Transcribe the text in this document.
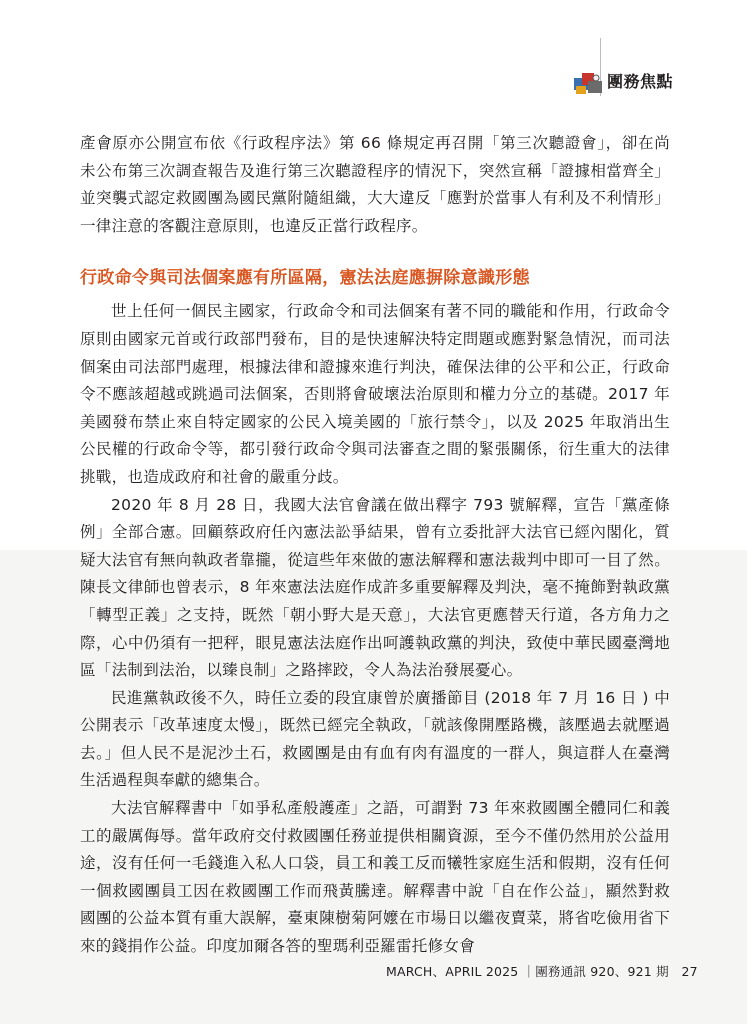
團務焦點

產會原亦公開宣布依《行政程序法》第 66 條規定再召開「第三次聽證會」，卻在尚未公布第三次調查報告及進行第三次聽證程序的情況下，突然宣稱「證據相當齊全」並突襲式認定救國團為國民黨附隨組織，大大違反「應對於當事人有利及不利情形」一律注意的客觀注意原則，也違反正當行政程序。

行政命令與司法個案應有所區隔，憲法法庭應摒除意識形態

世上任何一個民主國家，行政命令和司法個案有著不同的職能和作用，行政命令原則由國家元首或行政部門發布，目的是快速解決特定問題或應對緊急情況，而司法個案由司法部門處理，根據法律和證據來進行判決，確保法律的公平和公正，行政命令不應該超越或跳過司法個案，否則將會破壞法治原則和權力分立的基礎。2017 年美國發布禁止來自特定國家的公民入境美國的「旅行禁令」，以及 2025 年取消出生公民權的行政命令等，都引發行政命令與司法審查之間的緊張關係，衍生重大的法律挑戰，也造成政府和社會的嚴重分歧。

2020 年 8 月 28 日，我國大法官會議在做出釋字 793 號解釋，宣告「黨產條例」全部合憲。回顧蔡政府任內憲法訟爭結果，曾有立委批評大法官已經內閣化，質疑大法官有無向執政者靠攏，從這些年來做的憲法解釋和憲法裁判中即可一目了然。陳長文律師也曾表示，8 年來憲法法庭作成許多重要解釋及判決，毫不掩飾對執政黨「轉型正義」之支持，既然「朝小野大是天意」，大法官更應替天行道，各方角力之際，心中仍須有一把秤，眼見憲法法庭作出呵護執政黨的判決，致使中華民國臺灣地區「法制到法治，以臻良制」之路摔跤，令人為法治發展憂心。

民進黨執政後不久，時任立委的段宜康曾於廣播節目 (2018 年 7 月 16 日 ) 中公開表示「改革速度太慢」，既然已經完全執政，「就該像開壓路機，該壓過去就壓過去。」但人民不是泥沙土石，救國團是由有血有肉有溫度的一群人，與這群人在臺灣生活過程與奉獻的總集合。

大法官解釋書中「如爭私產般護產」之語，可謂對 73 年來救國團全體同仁和義工的嚴厲侮辱。當年政府交付救國團任務並提供相關資源，至今不僅仍然用於公益用途，沒有任何一毛錢進入私人口袋，員工和義工反而犧牲家庭生活和假期，沒有任何一個救國團員工因在救國團工作而飛黃騰達。解釋書中說「自在作公益」，顯然對救國團的公益本質有重大誤解，臺東陳樹菊阿嬤在市場日以繼夜賣菜，將省吃儉用省下來的錢捐作公益。印度加爾各答的聖瑪利亞羅雷托修女會

MARCH、APRIL 2025 ｜團務通訊 920、921 期　27
